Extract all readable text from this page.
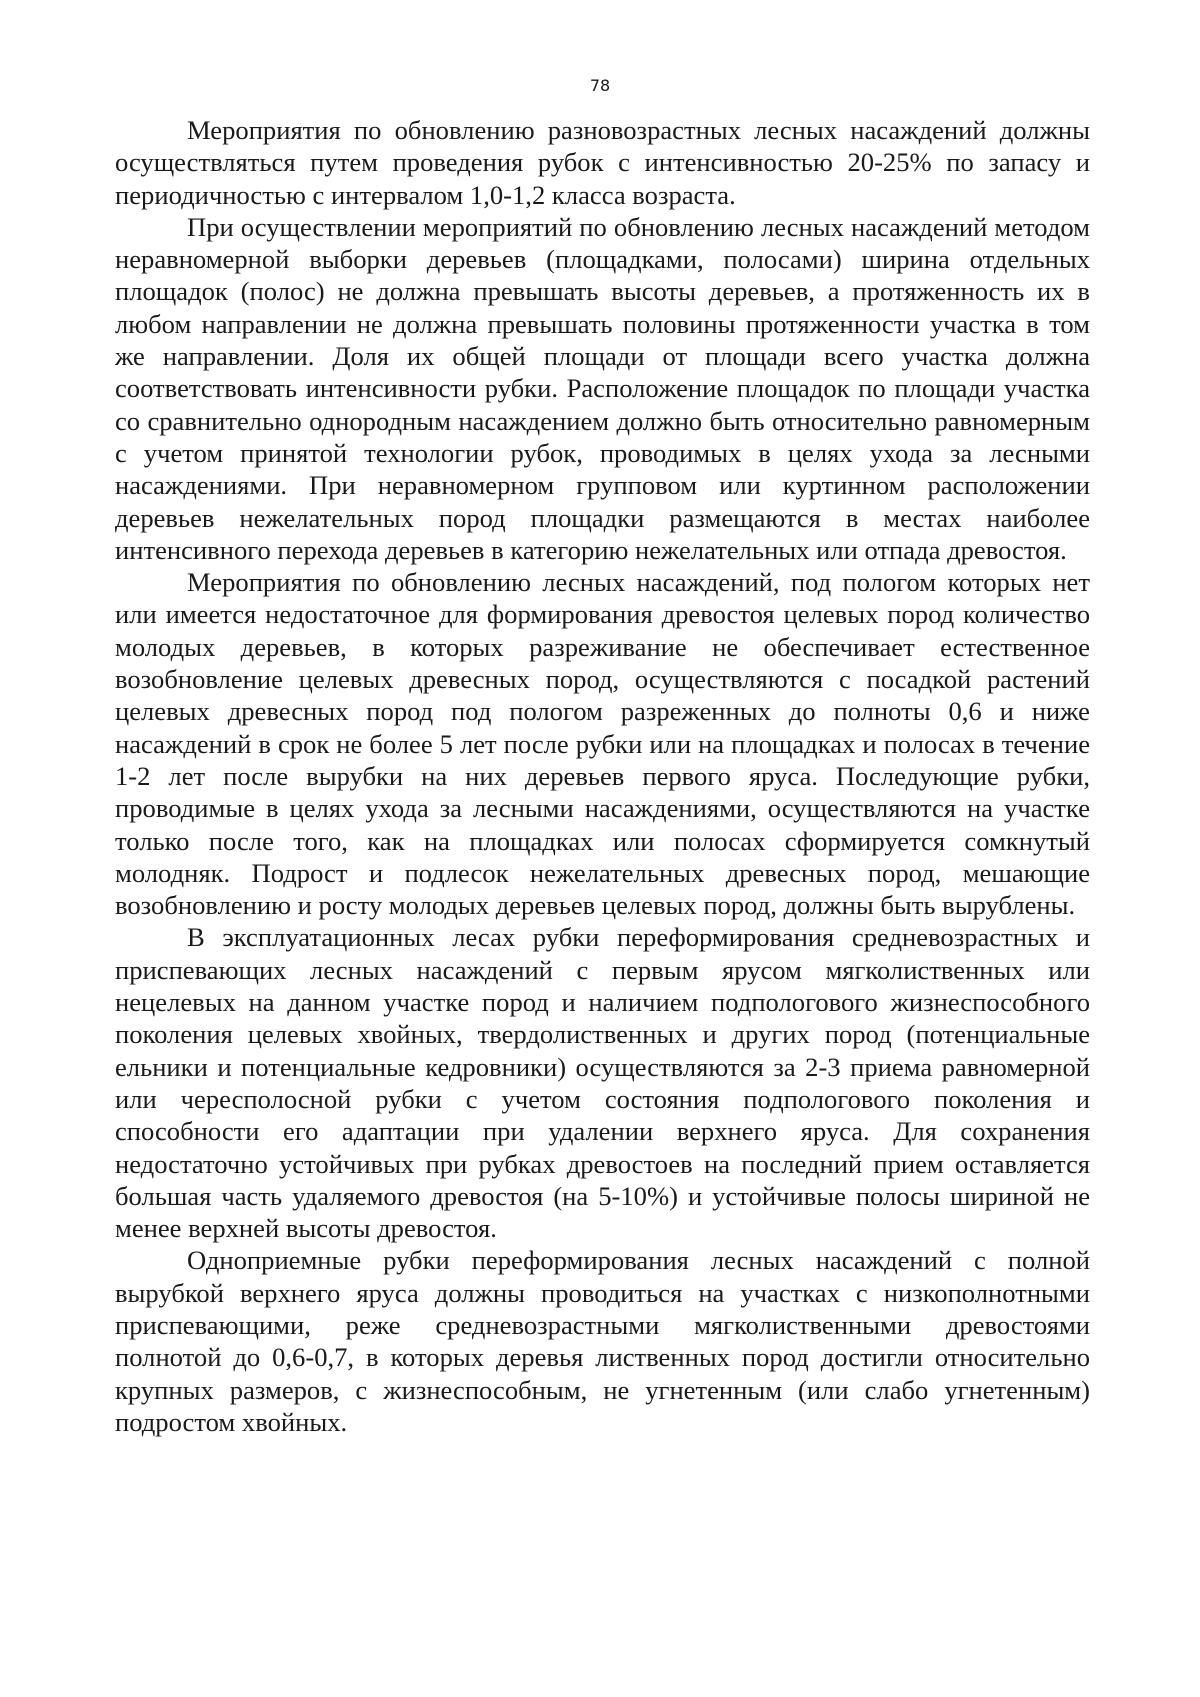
78

Мероприятия по обновлению разновозрастных лесных насаждений должны осуществляться путем проведения рубок с интенсивностью 20-25% по запасу и периодичностью с интервалом 1,0-1,2 класса возраста.

При осуществлении мероприятий по обновлению лесных насаждений методом неравномерной выборки деревьев (площадками, полосами) ширина отдельных площадок (полос) не должна превышать высоты деревьев, а протяженность их в любом направлении не должна превышать половины протяженности участка в том же направлении. Доля их общей площади от площади всего участка должна соответствовать интенсивности рубки. Расположение площадок по площади участка со сравнительно однородным насаждением должно быть относительно равномерным с учетом принятой технологии рубок, проводимых в целях ухода за лесными насаждениями. При неравномерном групповом или куртинном расположении деревьев нежелательных пород площадки размещаются в местах наиболее интенсивного перехода деревьев в категорию нежелательных или отпада древостоя.

Мероприятия по обновлению лесных насаждений, под пологом которых нет или имеется недостаточное для формирования древостоя целевых пород количество молодых деревьев, в которых разреживание не обеспечивает естественное возобновление целевых древесных пород, осуществляются с посадкой растений целевых древесных пород под пологом разреженных до полноты 0,6 и ниже насаждений в срок не более 5 лет после рубки или на площадках и полосах в течение 1-2 лет после вырубки на них деревьев первого яруса. Последующие рубки, проводимые в целях ухода за лесными насаждениями, осуществляются на участке только после того, как на площадках или полосах сформируется сомкнутый молодняк. Подрост и подлесок нежелательных древесных пород, мешающие возобновлению и росту молодых деревьев целевых пород, должны быть вырублены.

В эксплуатационных лесах рубки переформирования средневозрастных и приспевающих лесных насаждений с первым ярусом мягколиственных или нецелевых на данном участке пород и наличием подпологового жизнеспособного поколения целевых хвойных, твердолиственных и других пород (потенциальные ельники и потенциальные кедровники) осуществляются за 2-3 приема равномерной или чересполосной рубки с учетом состояния подпологового поколения и способности его адаптации при удалении верхнего яруса. Для сохранения недостаточно устойчивых при рубках древостоев на последний прием оставляется большая часть удаляемого древостоя (на 5-10%) и устойчивые полосы шириной не менее верхней высоты древостоя.

Одноприемные рубки переформирования лесных насаждений с полной вырубкой верхнего яруса должны проводиться на участках с низкополнотными приспевающими, реже средневозрастными мягколиственными древостоями полнотой до 0,6-0,7, в которых деревья лиственных пород достигли относительно крупных размеров, с жизнеспособным, не угнетенным (или слабо угнетенным) подростом хвойных.
